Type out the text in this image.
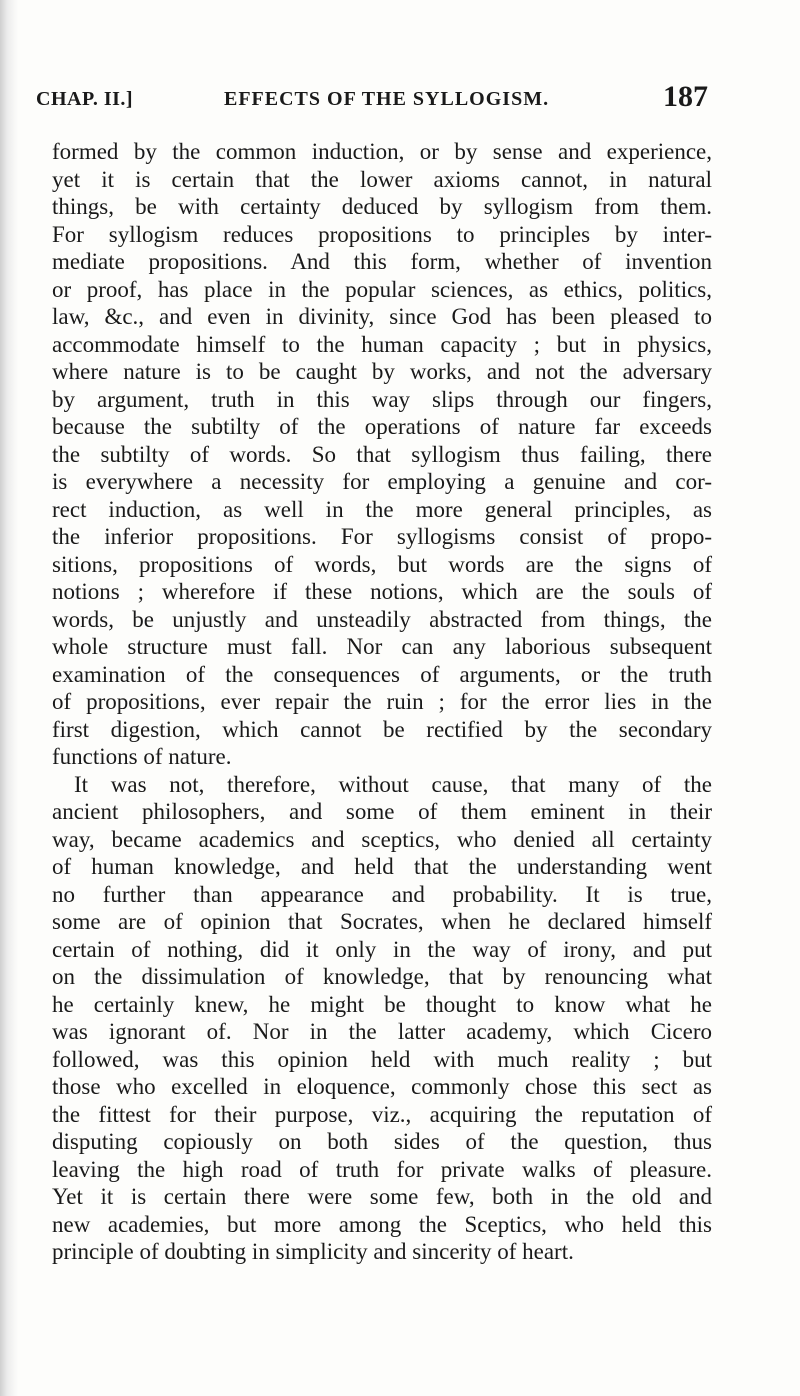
CHAP. II.]	EFFECTS OF THE SYLLOGISM.	187
formed by the common induction, or by sense and experience,
yet it is certain that the lower axioms cannot, in natural
things, be with certainty deduced by syllogism from them.
For syllogism reduces propositions to principles by inter-
mediate propositions. And this form, whether of invention
or proof, has place in the popular sciences, as ethics, politics,
law, &c., and even in divinity, since God has been pleased to
accommodate himself to the human capacity ; but in physics,
where nature is to be caught by works, and not the adversary
by argument, truth in this way slips through our fingers,
because the subtilty of the operations of nature far exceeds
the subtilty of words. So that syllogism thus failing, there
is everywhere a necessity for employing a genuine and cor-
rect induction, as well in the more general principles, as
the inferior propositions. For syllogisms consist of propo-
sitions, propositions of words, but words are the signs of
notions ; wherefore if these notions, which are the souls of
words, be unjustly and unsteadily abstracted from things, the
whole structure must fall. Nor can any laborious subsequent
examination of the consequences of arguments, or the truth
of propositions, ever repair the ruin ; for the error lies in the
first digestion, which cannot be rectified by the secondary
functions of nature.
It was not, therefore, without cause, that many of the
ancient philosophers, and some of them eminent in their
way, became academics and sceptics, who denied all certainty
of human knowledge, and held that the understanding went
no further than appearance and probability. It is true,
some are of opinion that Socrates, when he declared himself
certain of nothing, did it only in the way of irony, and put
on the dissimulation of knowledge, that by renouncing what
he certainly knew, he might be thought to know what he
was ignorant of. Nor in the latter academy, which Cicero
followed, was this opinion held with much reality ; but
those who excelled in eloquence, commonly chose this sect as
the fittest for their purpose, viz., acquiring the reputation of
disputing copiously on both sides of the question, thus
leaving the high road of truth for private walks of pleasure.
Yet it is certain there were some few, both in the old and
new academies, but more among the Sceptics, who held this
principle of doubting in simplicity and sincerity of heart.
